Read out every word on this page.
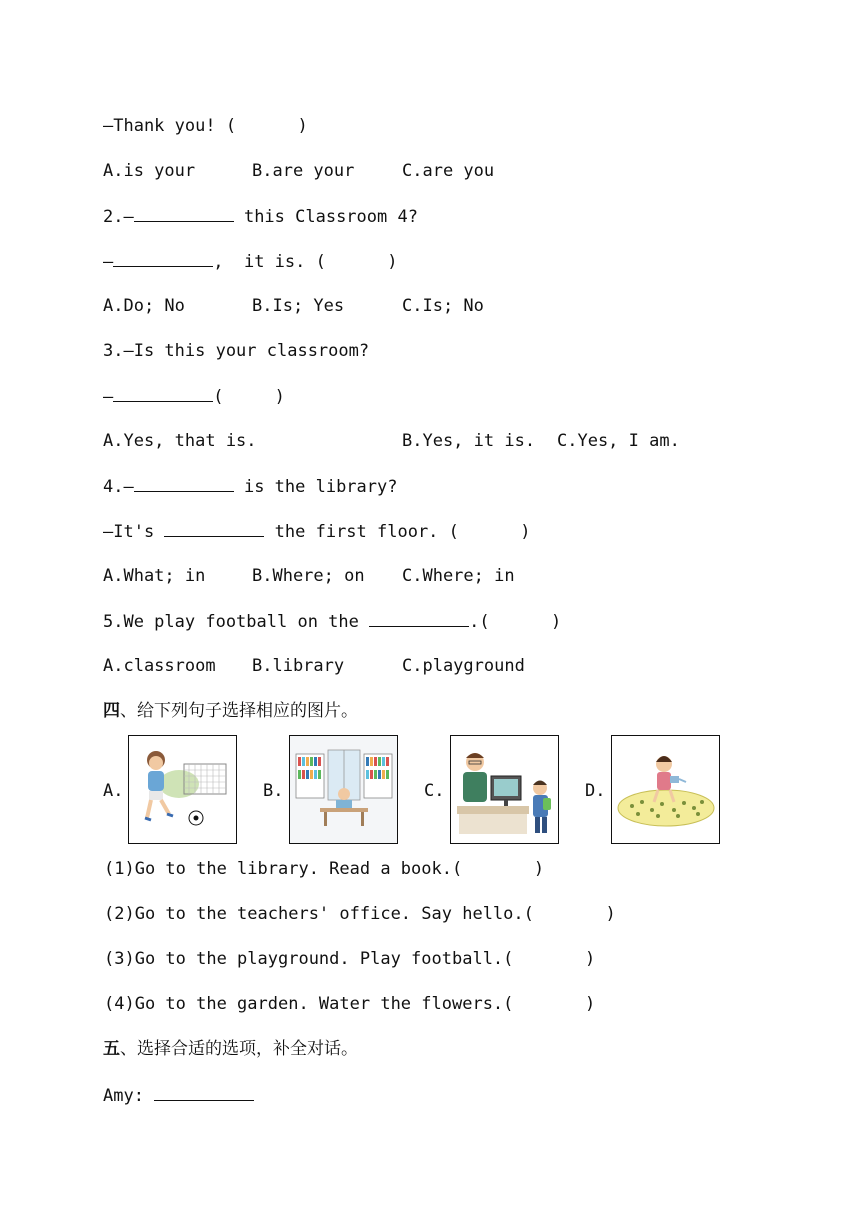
—Thank you! (      )
A.is your	B.are your	C.are you
2.—	this Classroom 4?
—	,  it is. (      )
A.Do; No	B.Is; Yes	C.Is; No
3.—Is this your classroom?
—	(     )
A.Yes, that is.	B.Yes, it is. C.Yes, I am.
4.—	is the library?
—It's	the first floor. (      )
A.What; in	B.Where; on C.Where; in
5.We play football on the	.(      )
A.classroom B.library	C.playground
四、给下列句子选择相应的图片。
A.	B.	C.	D.
(1)Go to the library. Read a book.(       )
(2)Go to the teachers' office. Say hello.(       )
(3)Go to the playground. Play football.(       )
(4)Go to the garden. Water the flowers.(       )
五、选择合适的选项，补全对话。
Amy:
